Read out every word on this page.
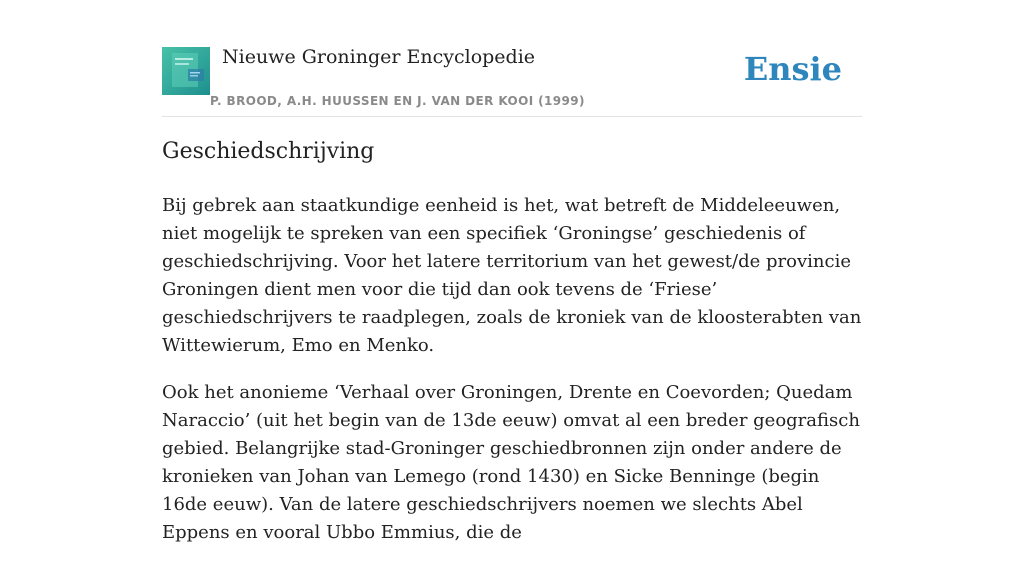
Nieuwe Groninger Encyclopedie
P. BROOD, A.H. HUUSSEN EN J. VAN DER KOOI (1999)
Ensie
Geschiedschrijving

Bij gebrek aan staatkundige eenheid is het, wat betreft de Middeleeuwen, niet mogelijk te spreken van een specifiek ‘Groningse’ geschiedenis of geschiedschrijving. Voor het latere territorium van het gewest/de provincie Groningen dient men voor die tijd dan ook tevens de ‘Friese’ geschiedschrijvers te raadplegen, zoals de kroniek van de kloosterabten van Wittewierum, Emo en Menko.

Ook het anonieme ‘Verhaal over Groningen, Drente en Coevorden; Quedam Naraccio’ (uit het begin van de 13de eeuw) omvat al een breder geografisch gebied. Belangrijke stad-Groninger geschiedbronnen zijn onder andere de kronieken van Johan van Lemego (rond 1430) en Sicke Benninge (begin 16de eeuw). Van de latere geschiedschrijvers noemen we slechts Abel Eppens en vooral Ubbo Emmius, die de
